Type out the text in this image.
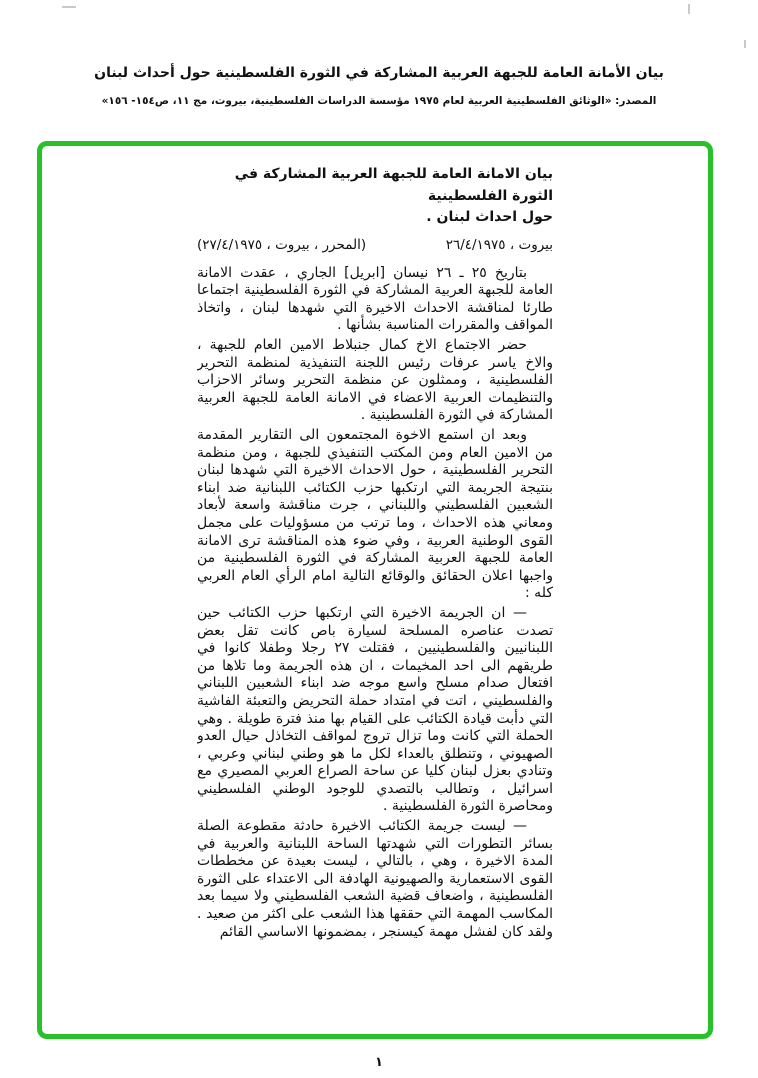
بيان الأمانة العامة للجبهة العربية المشاركة في الثورة الفلسطينية حول أحداث لبنان
المصدر: «الوثائق الفلسطينية العربية لعام ١٩٧٥ مؤسسة الدراسات الفلسطينية، بيروت، مج ١١، ص١٥٤- ١٥٦»
بيان الامانة العامة للجبهة العربية المشاركة في الثورة الفلسطينية
حول احداث لبنان .
بيروت ، ٢٦/٤/١٩٧٥
(المحرر ، بيروت ، ٢٧/٤/١٩٧٥)

بتاريخ ٢٥ ـ ٢٦ نيسان [ابريل] الجاري ، عقدت الامانة العامة للجبهة العربية المشاركة في الثورة الفلسطينية اجتماعا طارئا لمناقشة الاحداث الاخيرة التي شهدها لبنان ، واتخاذ المواقف والمقررات المناسبة بشأنها .

حضر الاجتماع الاخ كمال جنبلاط الامين العام للجبهة ، والاخ ياسر عرفات رئيس اللجنة التنفيذية لمنظمة التحرير الفلسطينية ، وممثلون عن منظمة التحرير وسائر الاحزاب والتنظيمات العربية الاعضاء في الامانة العامة للجبهة العربية المشاركة في الثورة الفلسطينية .

وبعد ان استمع الاخوة المجتمعون الى التقارير المقدمة من الامين العام ومن المكتب التنفيذي للجبهة ، ومن منظمة التحرير الفلسطينية ، حول الاحداث الاخيرة التي شهدها لبنان بنتيجة الجريمة التي ارتكبها حزب الكتائب اللبنانية ضد ابناء الشعبين الفلسطيني واللبناني ، جرت مناقشة واسعة لأبعاد ومعاني هذه الاحداث ، وما ترتب من مسؤوليات على مجمل القوى الوطنية العربية ، وفي ضوء هذه المناقشة ترى الامانة العامة للجبهة العربية المشاركة في الثورة الفلسطينية من واجبها اعلان الحقائق والوقائع التالية امام الرأي العام العربي كله :

— ان الجريمة الاخيرة التي ارتكبها حزب الكتائب حين تصدت عناصره المسلحة لسيارة باص كانت تقل بعض اللبنانيين والفلسطينيين ، فقتلت ٢٧ رجلا وطفلا كانوا في طريقهم الى احد المخيمات ، ان هذه الجريمة وما تلاها من افتعال صدام مسلح واسع موجه ضد ابناء الشعبين اللبناني والفلسطيني ، اتت في امتداد حملة التحريض والتعبئة الفاشية التي دأبت قيادة الكتائب على القيام بها منذ فترة طويلة . وهي الحملة التي كانت وما تزال تروج لمواقف التخاذل حيال العدو الصهيوني ، وتنطلق بالعداء لكل ما هو وطني لبناني وعربي ، وتنادي بعزل لبنان كليا عن ساحة الصراع العربي المصيري مع اسرائيل ، وتطالب بالتصدي للوجود الوطني الفلسطيني ومحاصرة الثورة الفلسطينية .

— ليست جريمة الكتائب الاخيرة حادثة مقطوعة الصلة بسائر التطورات التي شهدتها الساحة اللبنانية والعربية في المدة الاخيرة ، وهي ، بالتالي ، ليست بعيدة عن مخططات القوى الاستعمارية والصهيونية الهادفة الى الاعتداء على الثورة الفلسطينية ، واضعاف قضية الشعب الفلسطيني ولا سيما بعد المكاسب المهمة التي حققها هذا الشعب على اكثر من صعيد . ولقد كان لفشل مهمة كيسنجر ، بمضمونها الاساسي القائم

١
